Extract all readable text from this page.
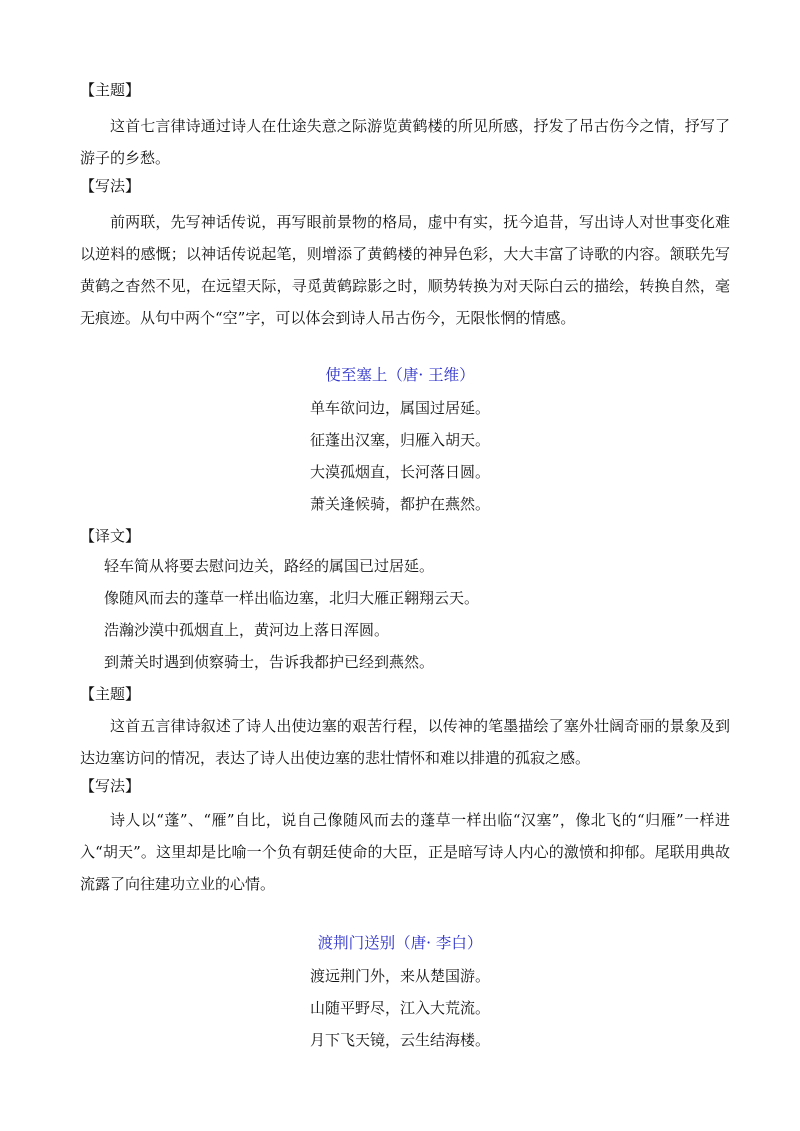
【主题】
这首七言律诗通过诗人在仕途失意之际游览黄鹤楼的所见所感，抒发了吊古伤今之情，抒写了游子的乡愁。
【写法】
前两联，先写神话传说，再写眼前景物的格局，虚中有实，抚今追昔，写出诗人对世事变化难以逆料的感慨；以神话传说起笔，则增添了黄鹤楼的神异色彩，大大丰富了诗歌的内容。颔联先写黄鹤之杳然不见，在远望天际，寻觅黄鹤踪影之时，顺势转换为对天际白云的描绘，转换自然，毫无痕迹。从句中两个“空”字，可以体会到诗人吊古伤今，无限怅惘的情感。
使至塞上（唐· 王维）
单车欲问边，属国过居延。
征蓬出汉塞，归雁入胡天。
大漠孤烟直，长河落日圆。
萧关逢候骑，都护在燕然。
【译文】
轻车简从将要去慰问边关，路经的属国已过居延。
像随风而去的蓬草一样出临边塞，北归大雁正翱翔云天。
浩瀚沙漠中孤烟直上，黄河边上落日浑圆。
到萧关时遇到侦察骑士，告诉我都护已经到燕然。
【主题】
这首五言律诗叙述了诗人出使边塞的艰苦行程，以传神的笔墨描绘了塞外壮阔奇丽的景象及到达边塞访问的情况，表达了诗人出使边塞的悲壮情怀和难以排遣的孤寂之感。
【写法】
诗人以“蓬”、“雁”自比，说自己像随风而去的蓬草一样出临“汉塞”，像北飞的“归雁”一样进入“胡天”。这里却是比喻一个负有朝廷使命的大臣，正是暗写诗人内心的激愤和抑郁。尾联用典故流露了向往建功立业的心情。
渡荆门送别（唐· 李白）
渡远荆门外，来从楚国游。
山随平野尽，江入大荒流。
月下飞天镜，云生结海楼。
